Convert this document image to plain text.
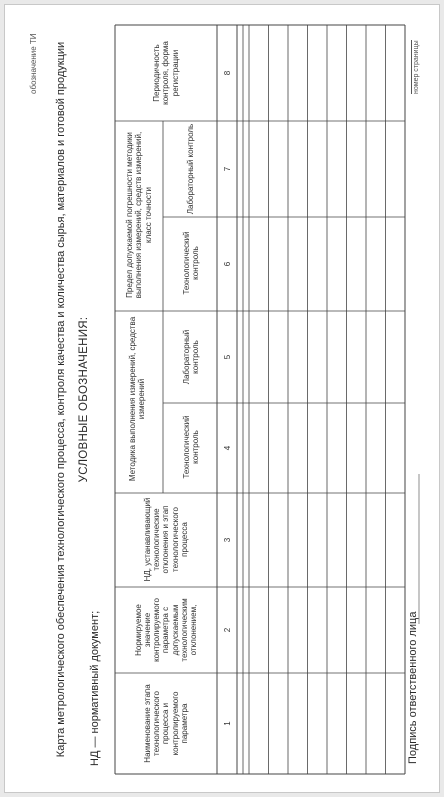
обозначение ТИ Карта метрологического обеспечения технологического процесса, контроля качества и количества сырья, материалов и готовой продукции УСЛОВНЫЕ ОБОЗНАЧЕНИЯ:
НД — нормативный документ;	Наименование этапа технологического процесса и контролируемого параметра
Нормируемое значение контролируемого параметра с допускаемым технологическим отклонением,
НД, устанавливающий технологические отклонения и этап технологического процесса
Методика выполнения измерений, средства измерений
Технологический контроль
Лабораторный контроль
Предел допускаемой погрешности методики выполнения измерений, средств измерений, класс точности
Технологический контроль
Лабораторный контроль
Периодичность контроля, форма регистрации
1
2
3
4
5
6
7
8
Подпись ответственного лица
номер страницы
